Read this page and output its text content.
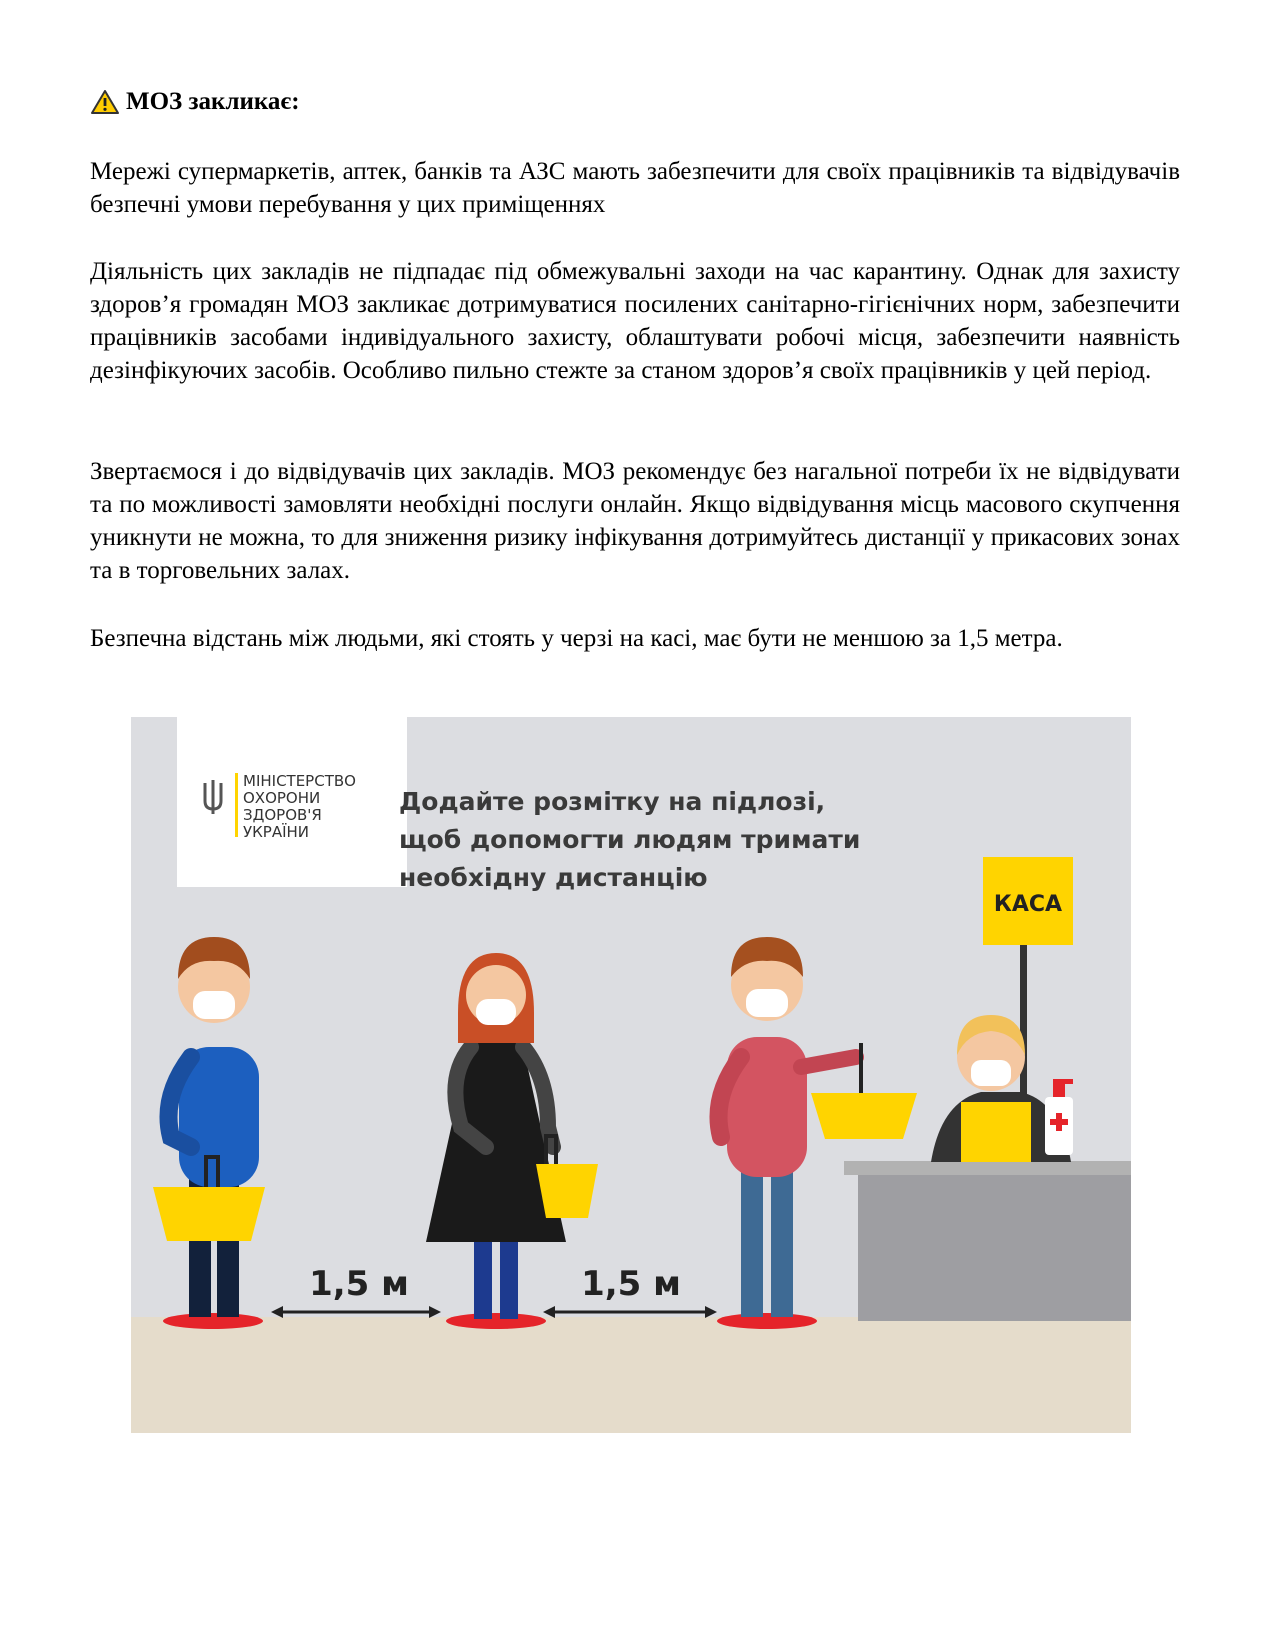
МОЗ закликає:

Мережі супермаркетів, аптек, банків та АЗС мають забезпечити для своїх працівників та відвідувачів безпечні умови перебування у цих приміщеннях

Діяльність цих закладів не підпадає під обмежувальні заходи на час карантину. Однак для захисту здоров’я громадян МОЗ закликає дотримуватися посилених санітарно-гігієнічних норм, забезпечити працівників засобами індивідуального захисту, облаштувати робочі місця, забезпечити наявність дезінфікуючих засобів. Особливо пильно стежте за станом здоров’я своїх працівників у цей період.

Звертаємося і до відвідувачів цих закладів. МОЗ рекомендує без нагальної потреби їх не відвідувати та по можливості замовляти необхідні послуги онлайн. Якщо відвідування місць масового скупчення уникнути не можна, то для зниження ризику інфікування дотримуйтесь дистанції у прикасових зонах та в торговельних залах.

Безпечна відстань між людьми, які стоять у черзі на касі, має бути не меншою за 1,5 метра.

МІНІСТЕРСТВО
ОХОРОНИ
ЗДОРОВ'Я
УКРАЇНИ
Додайте розмітку на підлозі,
щоб допомогти людям тримати
необхідну дистанцію
КАСА
1,5 м	1,5 м
